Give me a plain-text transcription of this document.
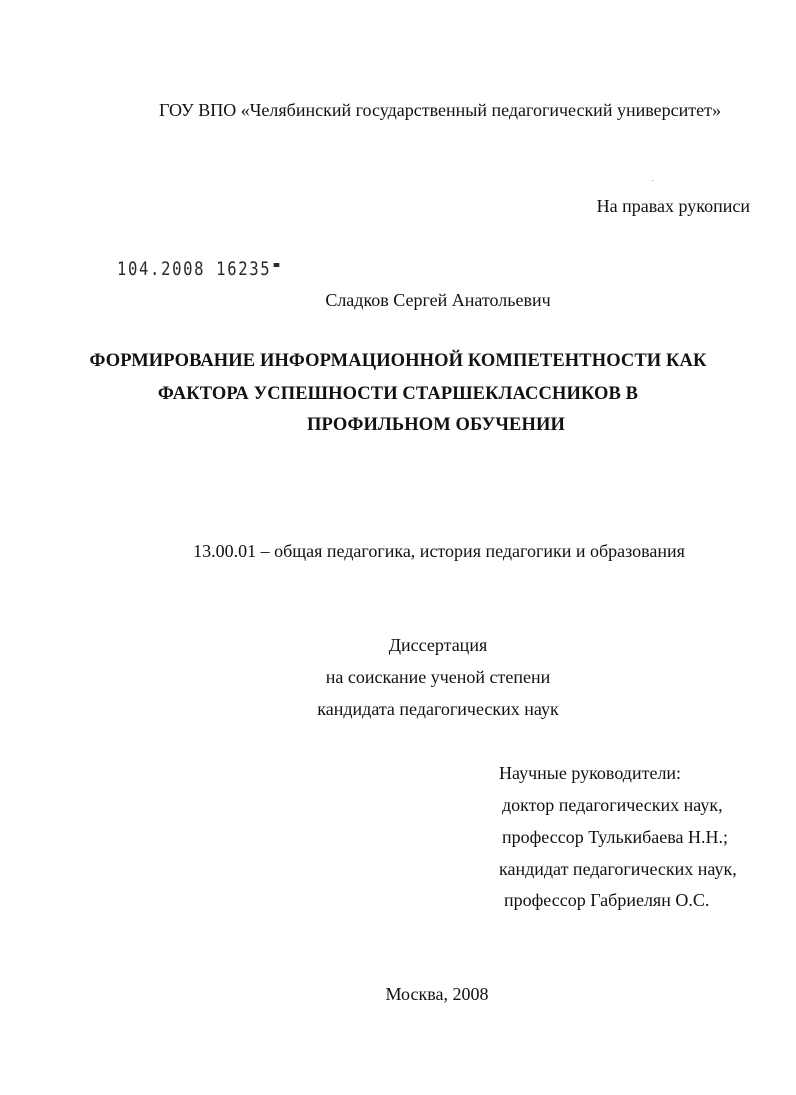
ГОУ ВПО «Челябинский государственный педагогический университет»
На правах рукописи
104.2008 16235
Сладков Сергей Анатольевич
ФОРМИРОВАНИЕ ИНФОРМАЦИОННОЙ КОМПЕТЕНТНОСТИ КАК
ФАКТОРА УСПЕШНОСТИ СТАРШЕКЛАССНИКОВ В
ПРОФИЛЬНОМ ОБУЧЕНИИ
13.00.01 – общая педагогика, история педагогики и образования
Диссертация
на соискание ученой степени
кандидата педагогических наук
Научные руководители:
доктор педагогических наук,
профессор Тулькибаева Н.Н.;
кандидат педагогических наук,
профессор Габриелян О.С.
Москва, 2008
